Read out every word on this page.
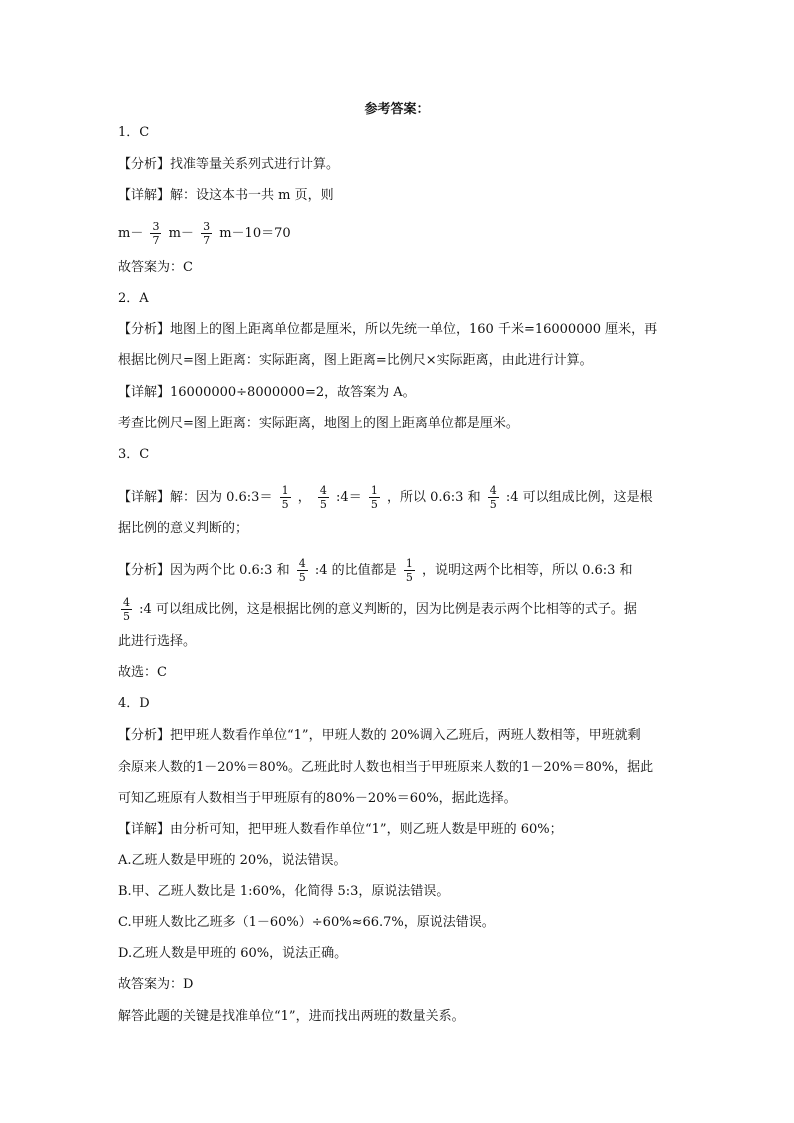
参考答案：
1．C
【分析】找准等量关系列式进行计算。
【详解】解：设这本书一共 m 页，则
$m- \frac{3}{7} m- \frac{3}{7} m-10=70$
故答案为：C
2．A
【分析】地图上的图上距离单位都是厘米，所以先统一单位，160 千米=16000000 厘米，再
根据比例尺=图上距离：实际距离，图上距离=比例尺×实际距离，由此进行计算。
【详解】16000000÷8000000=2，故答案为 A。
考查比例尺=图上距离：实际距离，地图上的图上距离单位都是厘米。
3．C
【详解】解：因为 0.6:3＝ $\frac{1}{5}$ ， $\frac{4}{5}$ :4＝ $\frac{1}{5}$ ，所以 0.6:3 和 $\frac{4}{5}$ :4 可以组成比例，这是根
据比例的意义判断的；
【分析】因为两个比 0.6:3 和 $\frac{4}{5}$ :4 的比值都是 $\frac{1}{5}$ ，说明这两个比相等，所以 0.6:3 和
$\frac{4}{5}$ :4 可以组成比例，这是根据比例的意义判断的，因为比例是表示两个比相等的式子。据
此进行选择。
故选：C
4．D
【分析】把甲班人数看作单位“1”，甲班人数的 20%调入乙班后，两班人数相等，甲班就剩
余原来人数的1－20%＝80%。乙班此时人数也相当于甲班原来人数的1－20%＝80%，据此
可知乙班原有人数相当于甲班原有的80%－20%＝60%，据此选择。
【详解】由分析可知，把甲班人数看作单位“1”，则乙班人数是甲班的 60%；
A.乙班人数是甲班的 20%，说法错误。
B.甲、乙班人数比是 1:60%，化简得 5:3，原说法错误。
C.甲班人数比乙班多（1－60%）÷60%≈66.7%，原说法错误。
D.乙班人数是甲班的 60%，说法正确。
故答案为：D
解答此题的关键是找准单位“1”，进而找出两班的数量关系。
